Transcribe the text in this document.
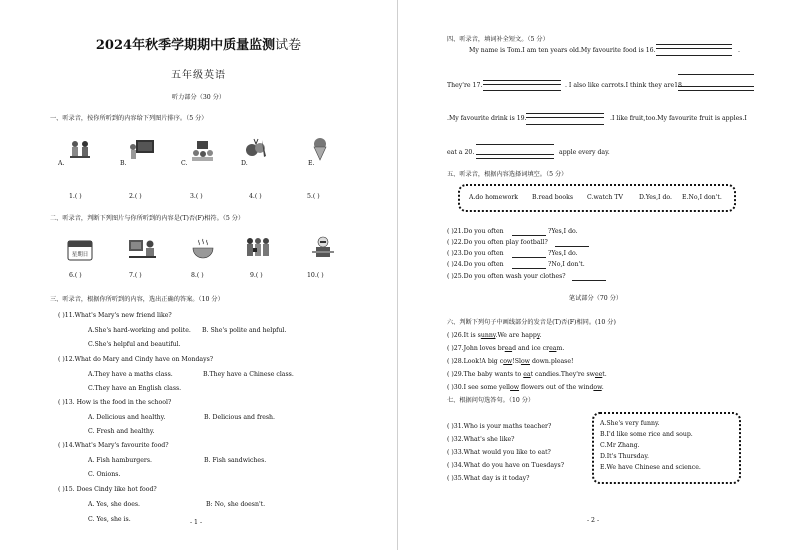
2024年秋季学期期中质量监测试卷
五年级英语
听力部分（30 分）
一、听录音，按你所听到的内容给下列图片排序。（5 分）
A.	B.	C.	D.	E.
1.( )	2.( )	3.( )	4.( )	5.( )
二、听录音，判断下列图片与你所听到的内容是(T)否(F)相符。（5 分）
星期日
6.( )	7.( )	8.( )	9.( )	10.( )
三、听录音，根据你所听到的内容，选出正确的答案。（10 分）
( )11.What's Mary's new friend like?
A.She's hard-working and polite. B. She's polite and helpful.
C.She's helpful and beautiful.
( )12.What do Mary and Cindy have on Mondays?
A.They have a maths class.	B.They have a Chinese class.
C.They have an English class.
( )13. How is the food in the school?
A. Delicious and healthy.	B. Delicious and fresh.
C. Fresh and healthy.
( )14.What's Mary's favourite food?
A. Fish hamburgers.	B. Fish sandwiches.
C. Onions.
( )15. Does Cindy like hot food?
A. Yes, she does.	B: No, she doesn't.
C. Yes, she is.	- 1 -
四、听录音，填词补全短文。（5 分）
My name is Tom.I am ten years old.My favourite food is 16.	.
They're 17.	. I also like carrots.I think they are18.
.My favourite drink is 19.	.I like fruit,too.My favourite fruit is apples.I
eat a 20.	apple every day.
五、听录音，根据内容选择词填空。（5 分）
A.do homework B.read books C.watch TV	D.Yes,I do. E.No,I don't.
( )21.Do you often	?Yes,I do.
( )22.Do you often play football?
( )23.Do you often	?Yes,I do.
( )24.Do you often	?No,I don't.
( )25.Do you often wash your clothes?
笔试部分（70 分）
六、判断下列句子中画线部分的发音是(T)否(F)相同。(10 分)
( )26.It is sunny.We are happy.
( )27.John loves bread and ice cream.
( )28.Look!A big cow!Slow down.please!
( )29.The baby wants to eat candies.They're sweet.
( )30.I see some yellow flowers out of the window.
七、根据问句选答句。（10 分）
( )31.Who is your maths teacher?
( )32.What's she like?
( )33.What would you like to eat?
( )34.What do you have on Tuesdays?
( )35.What day is it today?
A.She's very funny.
B.I'd like some rice and soup.
C.Mr Zhang.
D.It's Thursday.
E.We have Chinese and science.
- 2 -
